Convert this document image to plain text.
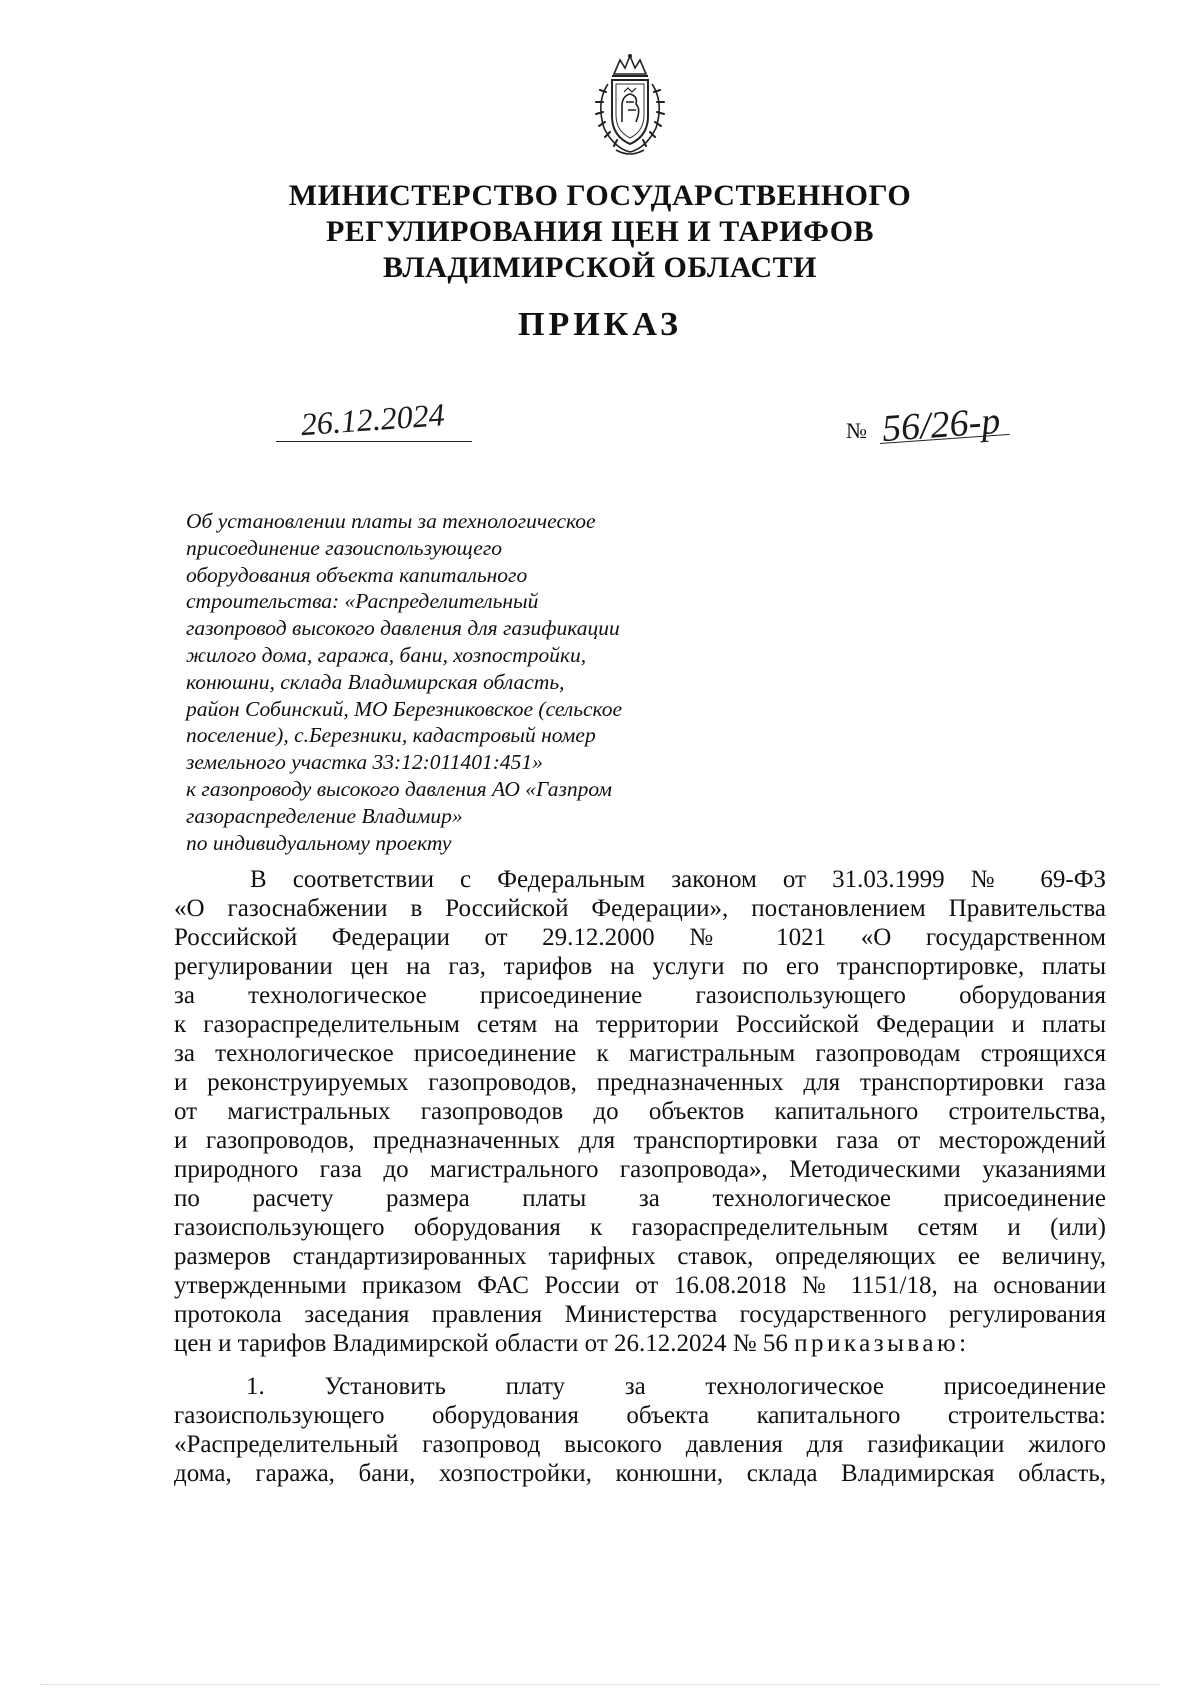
МИНИСТЕРСТВО ГОСУДАРСТВЕННОГО
РЕГУЛИРОВАНИЯ ЦЕН И ТАРИФОВ
ВЛАДИМИРСКОЙ ОБЛАСТИ
ПРИКАЗ
26.12.2024	№ 56/26-р
Об установлении платы за технологическое
присоединение газоиспользующего
оборудования объекта капитального
строительства: «Распределительный
газопровод высокого давления для газификации
жилого дома, гаража, бани, хозпостройки,
конюшни, склада Владимирская область,
район Собинский, МО Березниковское (сельское
поселение), с.Березники, кадастровый номер
земельного участка 33:12:011401:451»
к газопроводу высокого давления АО «Газпром
газораспределение Владимир»
по индивидуальному проекту
В соответствии с Федеральным законом от 31.03.1999 № 69-ФЗ
«О газоснабжении в Российской Федерации», постановлением Правительства
Российской Федерации от 29.12.2000 № 1021 «О государственном
регулировании цен на газ, тарифов на услуги по его транспортировке, платы
за технологическое присоединение газоиспользующего оборудования
к газораспределительным сетям на территории Российской Федерации и платы
за технологическое присоединение к магистральным газопроводам строящихся
и реконструируемых газопроводов, предназначенных для транспортировки газа
от магистральных газопроводов до объектов капитального строительства,
и газопроводов, предназначенных для транспортировки газа от месторождений
природного газа до магистрального газопровода», Методическими указаниями
по расчету размера платы за технологическое присоединение
газоиспользующего оборудования к газораспределительным сетям и (или)
размеров стандартизированных тарифных ставок, определяющих ее величину,
утвержденными приказом ФАС России от 16.08.2018 № 1151/18, на основании
протокола заседания правления Министерства государственного регулирования
цен и тарифов Владимирской области от 26.12.2024 № 56 приказываю:
1. Установить плату за технологическое присоединение
газоиспользующего оборудования объекта капитального строительства:
«Распределительный газопровод высокого давления для газификации жилого
дома, гаража, бани, хозпостройки, конюшни, склада Владимирская область,
